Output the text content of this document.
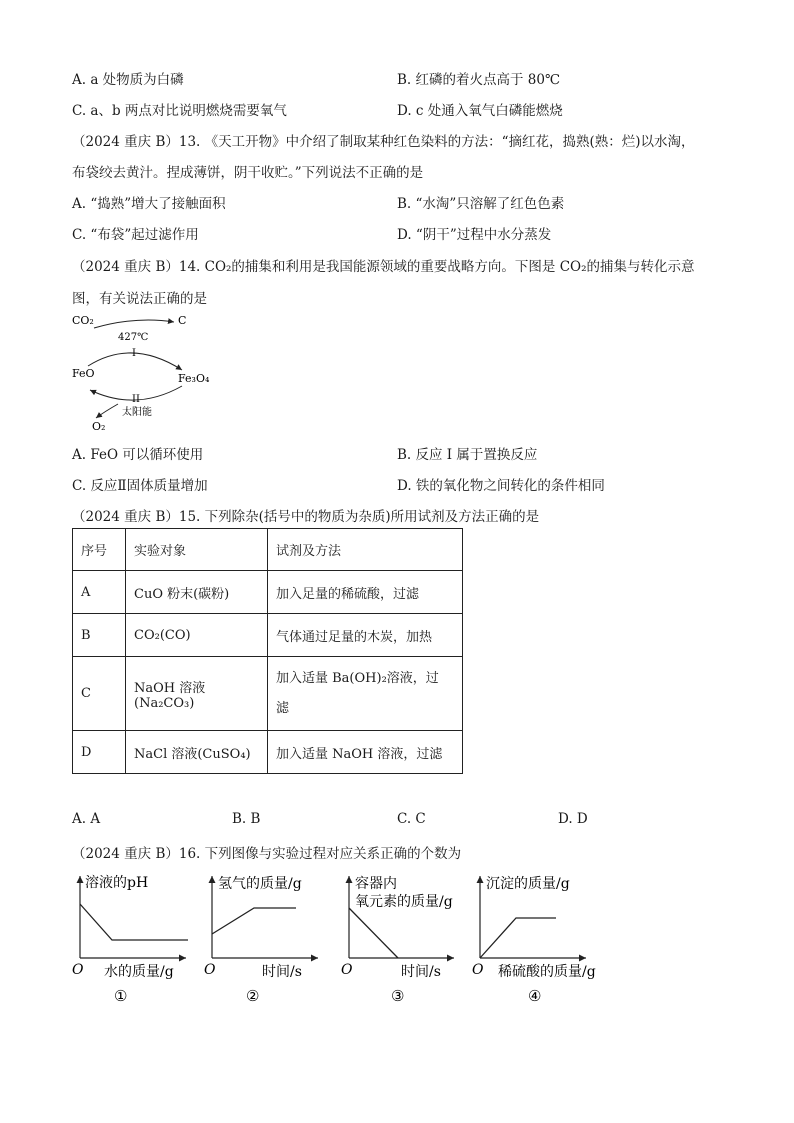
A. a 处物质为白磷	B. 红磷的着火点高于 80℃
C. a、b 两点对比说明燃烧需要氧气	D. c 处通入氧气白磷能燃烧
（2024 重庆 B）13. 《天工开物》中介绍了制取某种红色染料的方法：“摘红花，捣熟(熟：烂)以水淘，
布袋绞去黄汁。捏成薄饼，阴干收贮。”下列说法不正确的是
A. “捣熟”增大了接触面积	B. “水淘”只溶解了红色色素
C. “布袋”起过滤作用	D. “阴干”过程中水分蒸发
（2024 重庆 B）14. CO₂的捕集和利用是我国能源领域的重要战略方向。下图是 CO₂的捕集与转化示意
图，有关说法正确的是
CO₂	C
427℃
I
FeO	Fe₃O₄
II
太阳能
O₂
A. FeO 可以循环使用	B. 反应 I 属于置换反应
C. 反应Ⅱ固体质量增加	D. 铁的氧化物之间转化的条件相同
（2024 重庆 B）15. 下列除杂(括号中的物质为杂质)所用试剂及方法正确的是
序号	实验对象	试剂及方法
A	CuO 粉末(碳粉)	加入足量的稀硫酸，过滤
B	CO₂(CO)	气体通过足量的木炭，加热
C	NaOH 溶液(Na₂CO₃)	加入适量 Ba(OH)₂溶液，过
滤

D	NaCl 溶液(CuSO₄)	加入适量 NaOH 溶液，过滤
A. A	B. B	C. C	D. D
（2024 重庆 B）16. 下列图像与实验过程对应关系正确的个数为
溶液的pH
O 水的质量/g
①
氢气的质量/g
O	时间/s
②
容器内
氧元素的质量/g
O	时间/s
③
沉淀的质量/g
O 稀硫酸的质量/g
④
